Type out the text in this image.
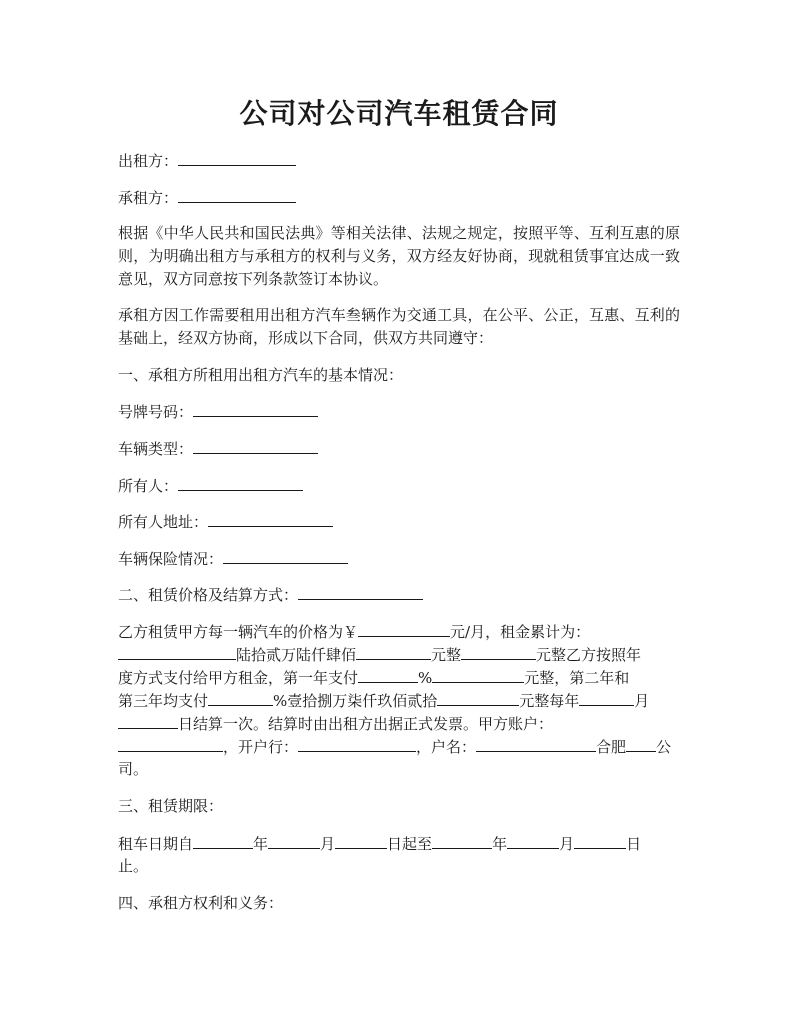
公司对公司汽车租赁合同

出租方：

承租方：

根据《中华人民共和国民法典》等相关法律、法规之规定，按照平等、互利互惠的原则，为明确出租方与承租方的权利与义务，双方经友好协商，现就租赁事宜达成一致意见，双方同意按下列条款签订本协议。

承租方因工作需要租用出租方汽车叁辆作为交通工具，在公平、公正，互惠、互利的基础上，经双方协商，形成以下合同，供双方共同遵守：

一、承租方所租用出租方汽车的基本情况：

号牌号码：

车辆类型：

所有人：

所有人地址：

车辆保险情况：

二、租赁价格及结算方式：

乙方租赁甲方每一辆汽车的价格为￥	元/月，租金累计为：

陆拾贰万陆仟肆佰	元整	元整乙方按照年

度方式支付给甲方租金，第一年支付	%	元整，第二年和

第三年均支付	%壹拾捌万柒仟玖佰贰拾	元整每年	月

日结算一次。结算时由出租方出据正式发票。甲方账户：

，开户行：	，户名：	合肥 公

司。

三、租赁期限：

租车日期自	年	月	日起至	年	月	日

止。

四、承租方权利和义务：
